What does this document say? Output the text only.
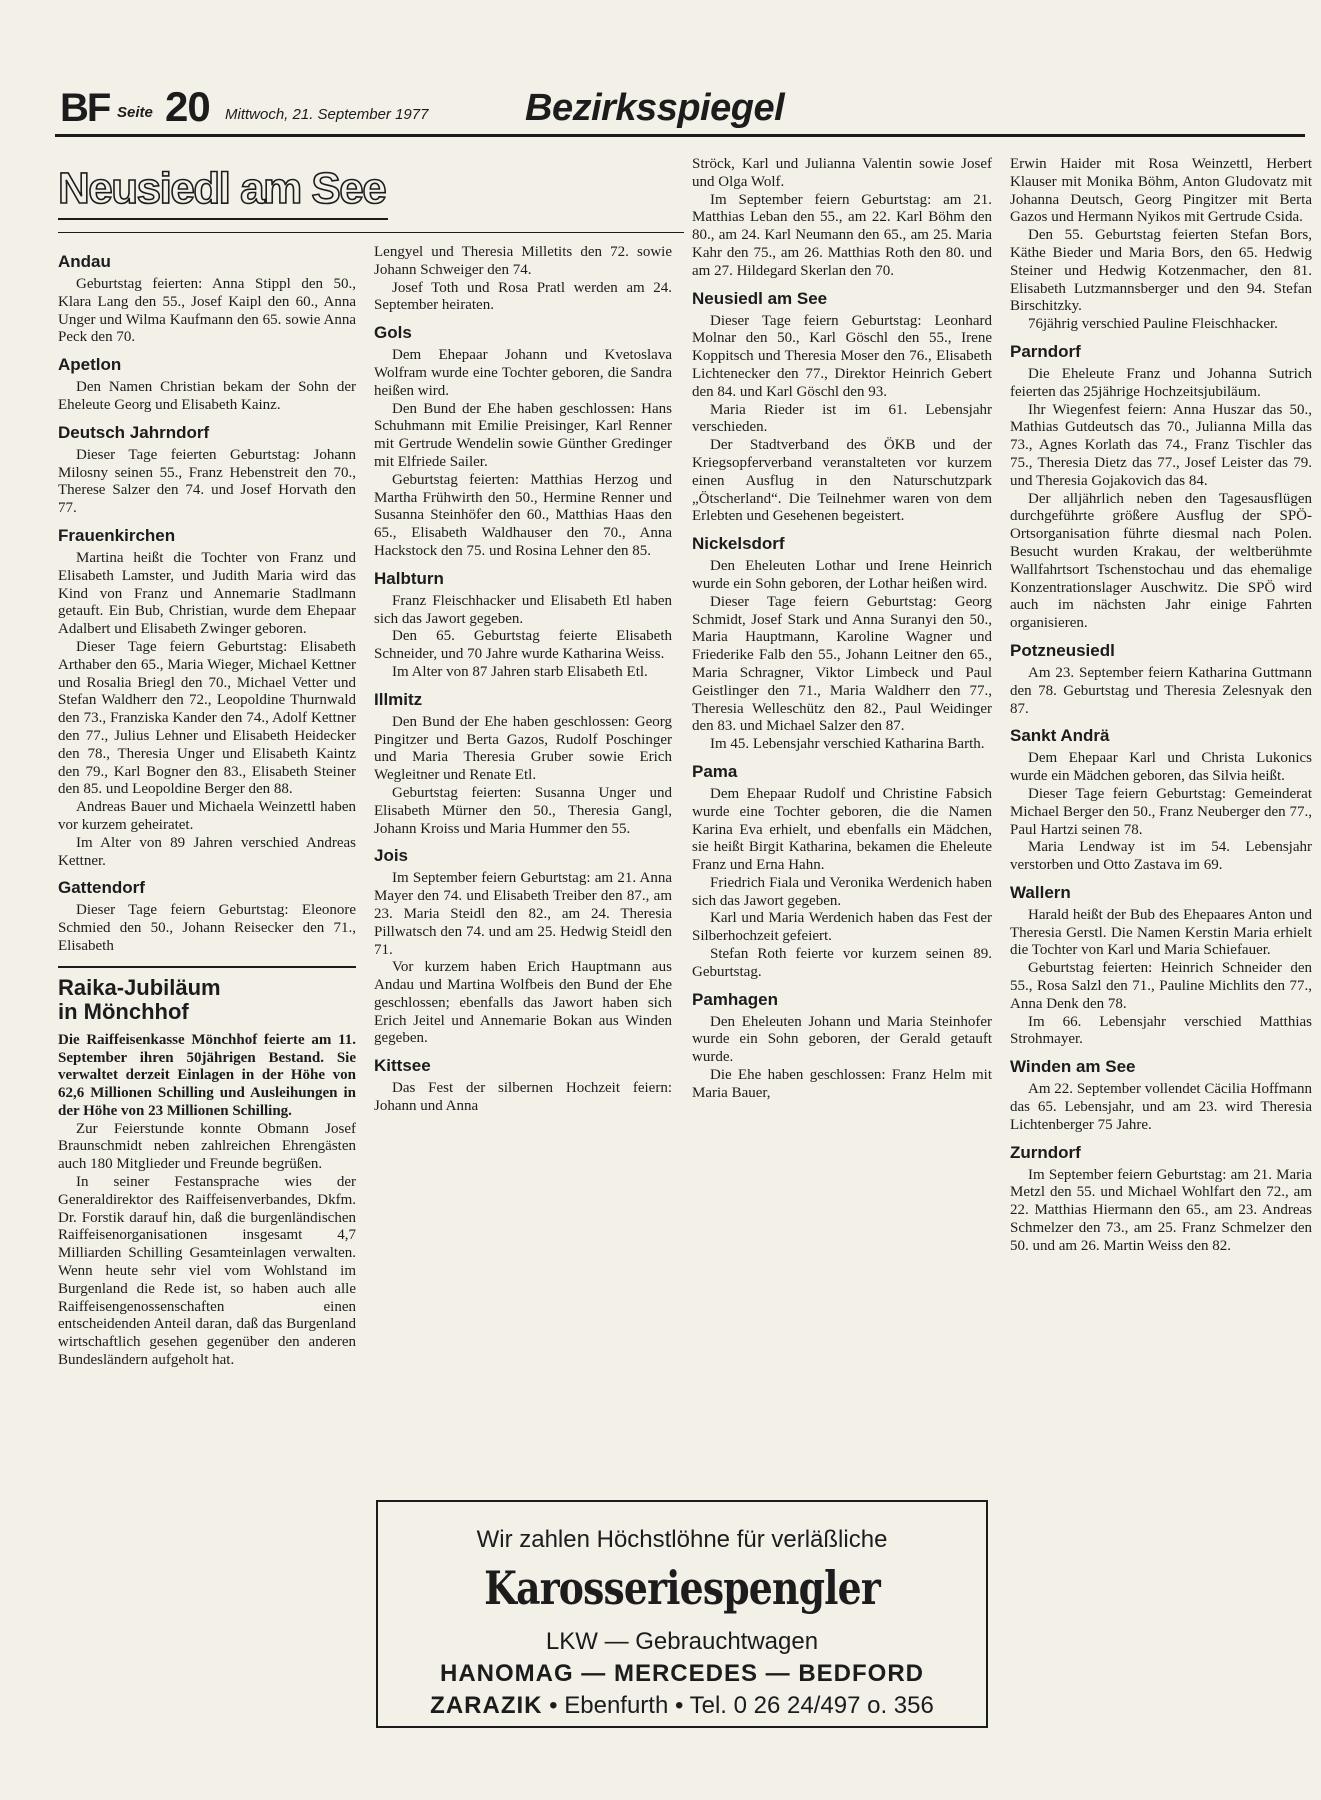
BF Seite 20 Mittwoch, 21. September 1977	Bezirksspiegel
Neusiedl am See
Andau

Geburtstag feierten: Anna Stippl den 50., Klara Lang den 55., Josef Kaipl den 60., Anna Unger und Wilma Kaufmann den 65. sowie Anna Peck den 70.

Apetlon

Den Namen Christian bekam der Sohn der Eheleute Georg und Elisabeth Kainz.

Deutsch Jahrndorf

Dieser Tage feierten Geburtstag: Johann Milosny seinen 55., Franz Hebenstreit den 70., Therese Salzer den 74. und Josef Horvath den 77.

Frauenkirchen

Martina heißt die Tochter von Franz und Elisabeth Lamster, und Judith Maria wird das Kind von Franz und Annemarie Stadlmann getauft. Ein Bub, Christian, wurde dem Ehepaar Adalbert und Elisabeth Zwinger geboren.

Dieser Tage feiern Geburtstag: Elisabeth Arthaber den 65., Maria Wieger, Michael Kettner und Rosalia Briegl den 70., Michael Vetter und Stefan Waldherr den 72., Leopoldine Thurnwald den 73., Franziska Kander den 74., Adolf Kettner den 77., Julius Lehner und Elisabeth Heidecker den 78., Theresia Unger und Elisabeth Kaintz den 79., Karl Bogner den 83., Elisabeth Steiner den 85. und Leopoldine Berger den 88.

Andreas Bauer und Michaela Weinzettl haben vor kurzem geheiratet.

Im Alter von 89 Jahren verschied Andreas Kettner.

Gattendorf

Dieser Tage feiern Geburtstag: Eleonore Schmied den 50., Johann Reisecker den 71., Elisabeth

Raika-Jubiläum
in Mönchhof

Die Raiffeisenkasse Mönchhof feierte am 11. September ihren 50jährigen Bestand. Sie verwaltet derzeit Einlagen in der Höhe von 62,6 Millionen Schilling und Ausleihungen in der Höhe von 23 Millionen Schilling.

Zur Feierstunde konnte Obmann Josef Braunschmidt neben zahlreichen Ehrengästen auch 180 Mitglieder und Freunde begrüßen.

In seiner Festansprache wies der Generaldirektor des Raiffeisenverbandes, Dkfm. Dr. Forstik darauf hin, daß die burgenländischen Raiffeisenorganisationen insgesamt 4,7 Milliarden Schilling Gesamteinlagen verwalten. Wenn heute sehr viel vom Wohlstand im Burgenland die Rede ist, so haben auch alle Raiffeisengenossenschaften einen entscheidenden Anteil daran, daß das Burgenland wirtschaftlich gesehen gegenüber den anderen Bundesländern aufgeholt hat.

Lengyel und Theresia Milletits den 72. sowie Johann Schweiger den 74.

Josef Toth und Rosa Pratl werden am 24. September heiraten.

Gols

Dem Ehepaar Johann und Kvetoslava Wolfram wurde eine Tochter geboren, die Sandra heißen wird.

Den Bund der Ehe haben geschlossen: Hans Schuhmann mit Emilie Preisinger, Karl Renner mit Gertrude Wendelin sowie Günther Gredinger mit Elfriede Sailer.

Geburtstag feierten: Matthias Herzog und Martha Frühwirth den 50., Hermine Renner und Susanna Steinhöfer den 60., Matthias Haas den 65., Elisabeth Waldhauser den 70., Anna Hackstock den 75. und Rosina Lehner den 85.

Halbturn

Franz Fleischhacker und Elisabeth Etl haben sich das Jawort gegeben.

Den 65. Geburtstag feierte Elisabeth Schneider, und 70 Jahre wurde Katharina Weiss.

Im Alter von 87 Jahren starb Elisabeth Etl.

Illmitz

Den Bund der Ehe haben geschlossen: Georg Pingitzer und Berta Gazos, Rudolf Poschinger und Maria Theresia Gruber sowie Erich Wegleitner und Renate Etl.

Geburtstag feierten: Susanna Unger und Elisabeth Mürner den 50., Theresia Gangl, Johann Kroiss und Maria Hummer den 55.

Jois

Im September feiern Geburtstag: am 21. Anna Mayer den 74. und Elisabeth Treiber den 87., am 23. Maria Steidl den 82., am 24. Theresia Pillwatsch den 74. und am 25. Hedwig Steidl den 71.

Vor kurzem haben Erich Hauptmann aus Andau und Martina Wolfbeis den Bund der Ehe geschlossen; ebenfalls das Jawort haben sich Erich Jeitel und Annemarie Bokan aus Winden gegeben.

Kittsee

Das Fest der silbernen Hochzeit feiern: Johann und Anna

Ströck, Karl und Julianna Valentin sowie Josef und Olga Wolf.

Im September feiern Geburtstag: am 21. Matthias Leban den 55., am 22. Karl Böhm den 80., am 24. Karl Neumann den 65., am 25. Maria Kahr den 75., am 26. Matthias Roth den 80. und am 27. Hildegard Skerlan den 70.

Neusiedl am See

Dieser Tage feiern Geburtstag: Leonhard Molnar den 50., Karl Göschl den 55., Irene Koppitsch und Theresia Moser den 76., Elisabeth Lichtenecker den 77., Direktor Heinrich Gebert den 84. und Karl Göschl den 93.

Maria Rieder ist im 61. Lebensjahr verschieden.

Der Stadtverband des ÖKB und der Kriegsopferverband veranstalteten vor kurzem einen Ausflug in den Naturschutzpark „Ötscherland“. Die Teilnehmer waren von dem Erlebten und Gesehenen begeistert.

Nickelsdorf

Den Eheleuten Lothar und Irene Heinrich wurde ein Sohn geboren, der Lothar heißen wird.

Dieser Tage feiern Geburtstag: Georg Schmidt, Josef Stark und Anna Suranyi den 50., Maria Hauptmann, Karoline Wagner und Friederike Falb den 55., Johann Leitner den 65., Maria Schragner, Viktor Limbeck und Paul Geistlinger den 71., Maria Waldherr den 77., Theresia Welleschütz den 82., Paul Weidinger den 83. und Michael Salzer den 87.

Im 45. Lebensjahr verschied Katharina Barth.

Pama

Dem Ehepaar Rudolf und Christine Fabsich wurde eine Tochter geboren, die die Namen Karina Eva erhielt, und ebenfalls ein Mädchen, sie heißt Birgit Katharina, bekamen die Eheleute Franz und Erna Hahn.

Friedrich Fiala und Veronika Werdenich haben sich das Jawort gegeben.

Karl und Maria Werdenich haben das Fest der Silberhochzeit gefeiert.

Stefan Roth feierte vor kurzem seinen 89. Geburtstag.

Pamhagen

Den Eheleuten Johann und Maria Steinhofer wurde ein Sohn geboren, der Gerald getauft wurde.

Die Ehe haben geschlossen: Franz Helm mit Maria Bauer,

Erwin Haider mit Rosa Weinzettl, Herbert Klauser mit Monika Böhm, Anton Gludovatz mit Johanna Deutsch, Georg Pingitzer mit Berta Gazos und Hermann Nyikos mit Gertrude Csida.

Den 55. Geburtstag feierten Stefan Bors, Käthe Bieder und Maria Bors, den 65. Hedwig Steiner und Hedwig Kotzenmacher, den 81. Elisabeth Lutzmannsberger und den 94. Stefan Birschitzky.

76jährig verschied Pauline Fleischhacker.

Parndorf

Die Eheleute Franz und Johanna Sutrich feierten das 25jährige Hochzeitsjubiläum.

Ihr Wiegenfest feiern: Anna Huszar das 50., Mathias Gutdeutsch das 70., Julianna Milla das 73., Agnes Korlath das 74., Franz Tischler das 75., Theresia Dietz das 77., Josef Leister das 79. und Theresia Gojakovich das 84.

Der alljährlich neben den Tagesausflügen durchgeführte größere Ausflug der SPÖ-Ortsorganisation führte diesmal nach Polen. Besucht wurden Krakau, der weltberühmte Wallfahrtsort Tschenstochau und das ehemalige Konzentrationslager Auschwitz. Die SPÖ wird auch im nächsten Jahr einige Fahrten organisieren.

Potzneusiedl

Am 23. September feiern Katharina Guttmann den 78. Geburtstag und Theresia Zelesnyak den 87.

Sankt Andrä

Dem Ehepaar Karl und Christa Lukonics wurde ein Mädchen geboren, das Silvia heißt.

Dieser Tage feiern Geburtstag: Gemeinderat Michael Berger den 50., Franz Neuberger den 77., Paul Hartzi seinen 78.

Maria Lendway ist im 54. Lebensjahr verstorben und Otto Zastava im 69.

Wallern

Harald heißt der Bub des Ehepaares Anton und Theresia Gerstl. Die Namen Kerstin Maria erhielt die Tochter von Karl und Maria Schiefauer.

Geburtstag feierten: Heinrich Schneider den 55., Rosa Salzl den 71., Pauline Michlits den 77., Anna Denk den 78.

Im 66. Lebensjahr verschied Matthias Strohmayer.

Winden am See

Am 22. September vollendet Cäcilia Hoffmann das 65. Lebensjahr, und am 23. wird Theresia Lichtenberger 75 Jahre.

Zurndorf

Im September feiern Geburtstag: am 21. Maria Metzl den 55. und Michael Wohlfart den 72., am 22. Matthias Hiermann den 65., am 23. Andreas Schmelzer den 73., am 25. Franz Schmelzer den 50. und am 26. Martin Weiss den 82.

Wir zahlen Höchstlöhne für verläßliche
Karosseriespengler
LKW — Gebrauchtwagen
HANOMAG — MERCEDES — BEDFORD
ZARAZIK • Ebenfurth • Tel. 0 26 24/497 o. 356
